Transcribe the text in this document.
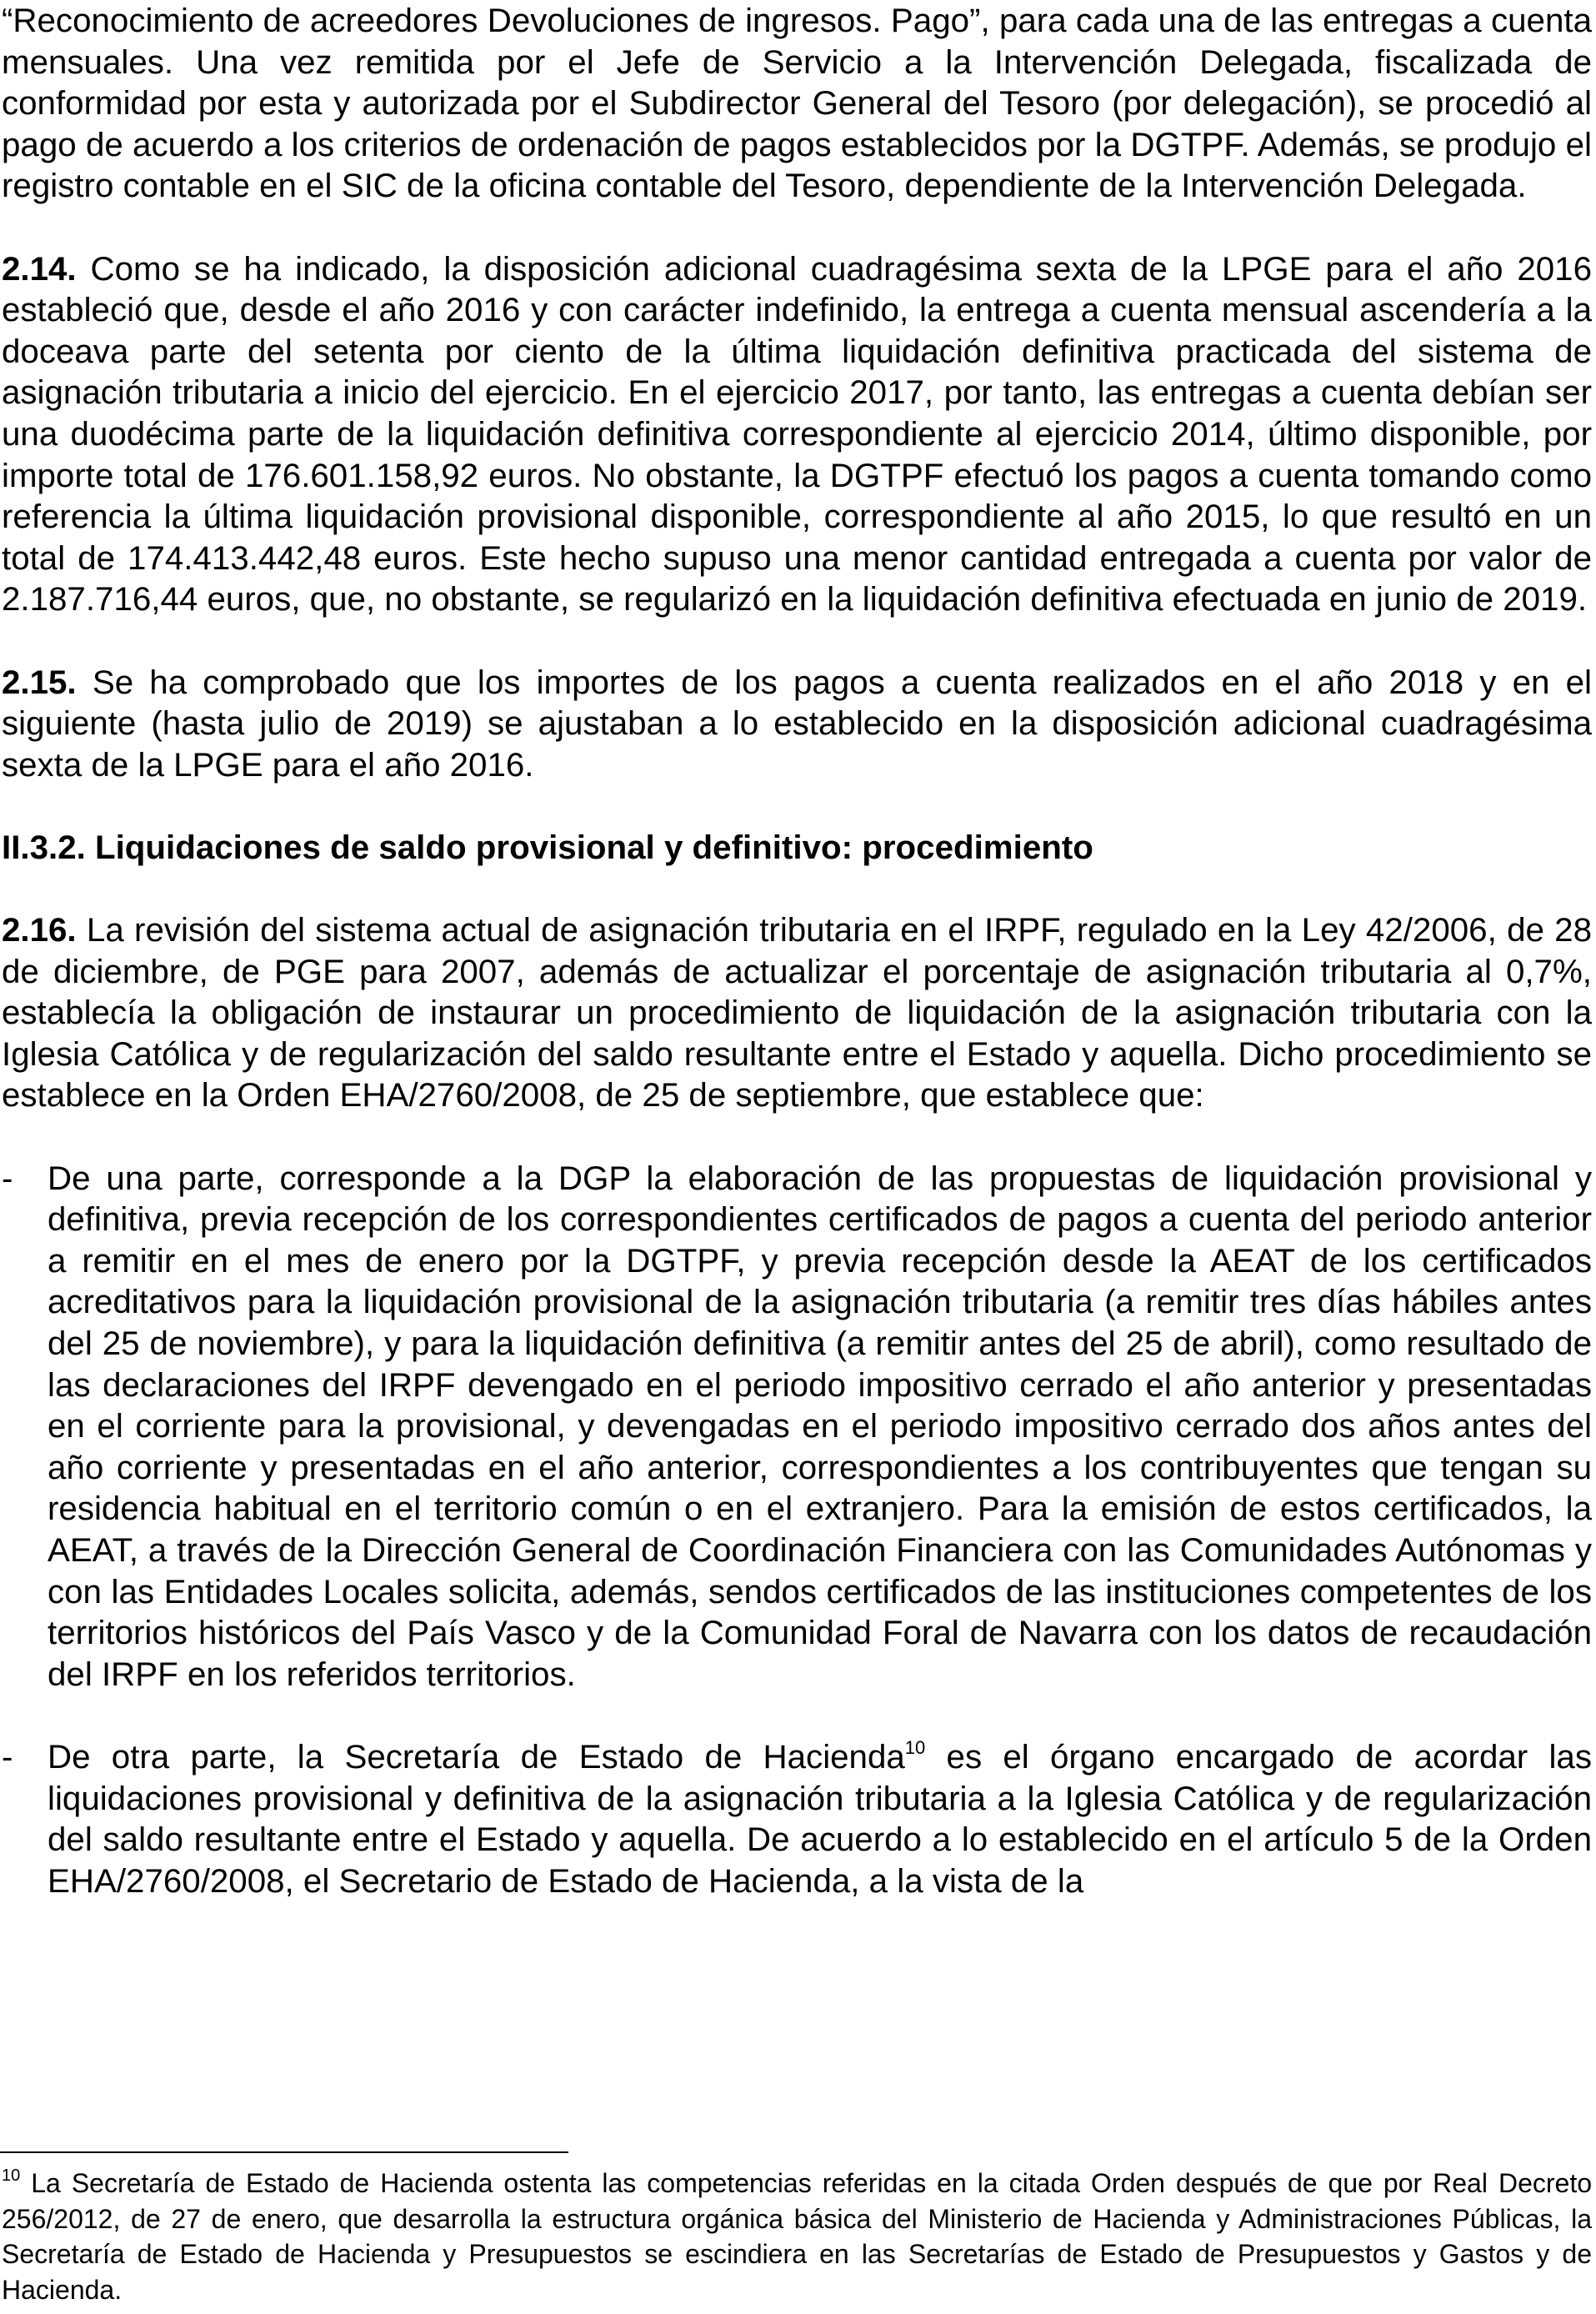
“Reconocimiento de acreedores Devoluciones de ingresos. Pago”, para cada una de las entregas a cuenta mensuales. Una vez remitida por el Jefe de Servicio a la Intervención Delegada, fiscalizada de conformidad por esta y autorizada por el Subdirector General del Tesoro (por delegación), se procedió al pago de acuerdo a los criterios de ordenación de pagos establecidos por la DGTPF. Además, se produjo el registro contable en el SIC de la oficina contable del Tesoro, dependiente de la Intervención Delegada.

2.14. Como se ha indicado, la disposición adicional cuadragésima sexta de la LPGE para el año 2016 estableció que, desde el año 2016 y con carácter indefinido, la entrega a cuenta mensual ascendería a la doceava parte del setenta por ciento de la última liquidación definitiva practicada del sistema de asignación tributaria a inicio del ejercicio. En el ejercicio 2017, por tanto, las entregas a cuenta debían ser una duodécima parte de la liquidación definitiva correspondiente al ejercicio 2014, último disponible, por importe total de 176.601.158,92 euros. No obstante, la DGTPF efectuó los pagos a cuenta tomando como referencia la última liquidación provisional disponible, correspondiente al año 2015, lo que resultó en un total de 174.413.442,48 euros. Este hecho supuso una menor cantidad entregada a cuenta por valor de 2.187.716,44 euros, que, no obstante, se regularizó en la liquidación definitiva efectuada en junio de 2019.

2.15. Se ha comprobado que los importes de los pagos a cuenta realizados en el año 2018 y en el siguiente (hasta julio de 2019) se ajustaban a lo establecido en la disposición adicional cuadragésima sexta de la LPGE para el año 2016.

II.3.2. Liquidaciones de saldo provisional y definitivo: procedimiento

2.16. La revisión del sistema actual de asignación tributaria en el IRPF, regulado en la Ley 42/2006, de 28 de diciembre, de PGE para 2007, además de actualizar el porcentaje de asignación tributaria al 0,7%, establecía la obligación de instaurar un procedimiento de liquidación de la asignación tributaria con la Iglesia Católica y de regularización del saldo resultante entre el Estado y aquella. Dicho procedimiento se establece en la Orden EHA/2760/2008, de 25 de septiembre, que establece que:

- De una parte, corresponde a la DGP la elaboración de las propuestas de liquidación provisional y definitiva, previa recepción de los correspondientes certificados de pagos a cuenta del periodo anterior a remitir en el mes de enero por la DGTPF, y previa recepción desde la AEAT de los certificados acreditativos para la liquidación provisional de la asignación tributaria (a remitir tres días hábiles antes del 25 de noviembre), y para la liquidación definitiva (a remitir antes del 25 de abril), como resultado de las declaraciones del IRPF devengado en el periodo impositivo cerrado el año anterior y presentadas en el corriente para la provisional, y devengadas en el periodo impositivo cerrado dos años antes del año corriente y presentadas en el año anterior, correspondientes a los contribuyentes que tengan su residencia habitual en el territorio común o en el extranjero. Para la emisión de estos certificados, la AEAT, a través de la Dirección General de Coordinación Financiera con las Comunidades Autónomas y con las Entidades Locales solicita, además, sendos certificados de las instituciones competentes de los territorios históricos del País Vasco y de la Comunidad Foral de Navarra con los datos de recaudación del IRPF en los referidos territorios.

- De otra parte, la Secretaría de Estado de Hacienda$^{10}$ es el órgano encargado de acordar las liquidaciones provisional y definitiva de la asignación tributaria a la Iglesia Católica y de regularización del saldo resultante entre el Estado y aquella. De acuerdo a lo establecido en el artículo 5 de la Orden EHA/2760/2008, el Secretario de Estado de Hacienda, a la vista de la

$^{10}$ La Secretaría de Estado de Hacienda ostenta las competencias referidas en la citada Orden después de que por Real Decreto 256/2012, de 27 de enero, que desarrolla la estructura orgánica básica del Ministerio de Hacienda y Administraciones Públicas, la Secretaría de Estado de Hacienda y Presupuestos se escindiera en las Secretarías de Estado de Presupuestos y Gastos y de Hacienda.
